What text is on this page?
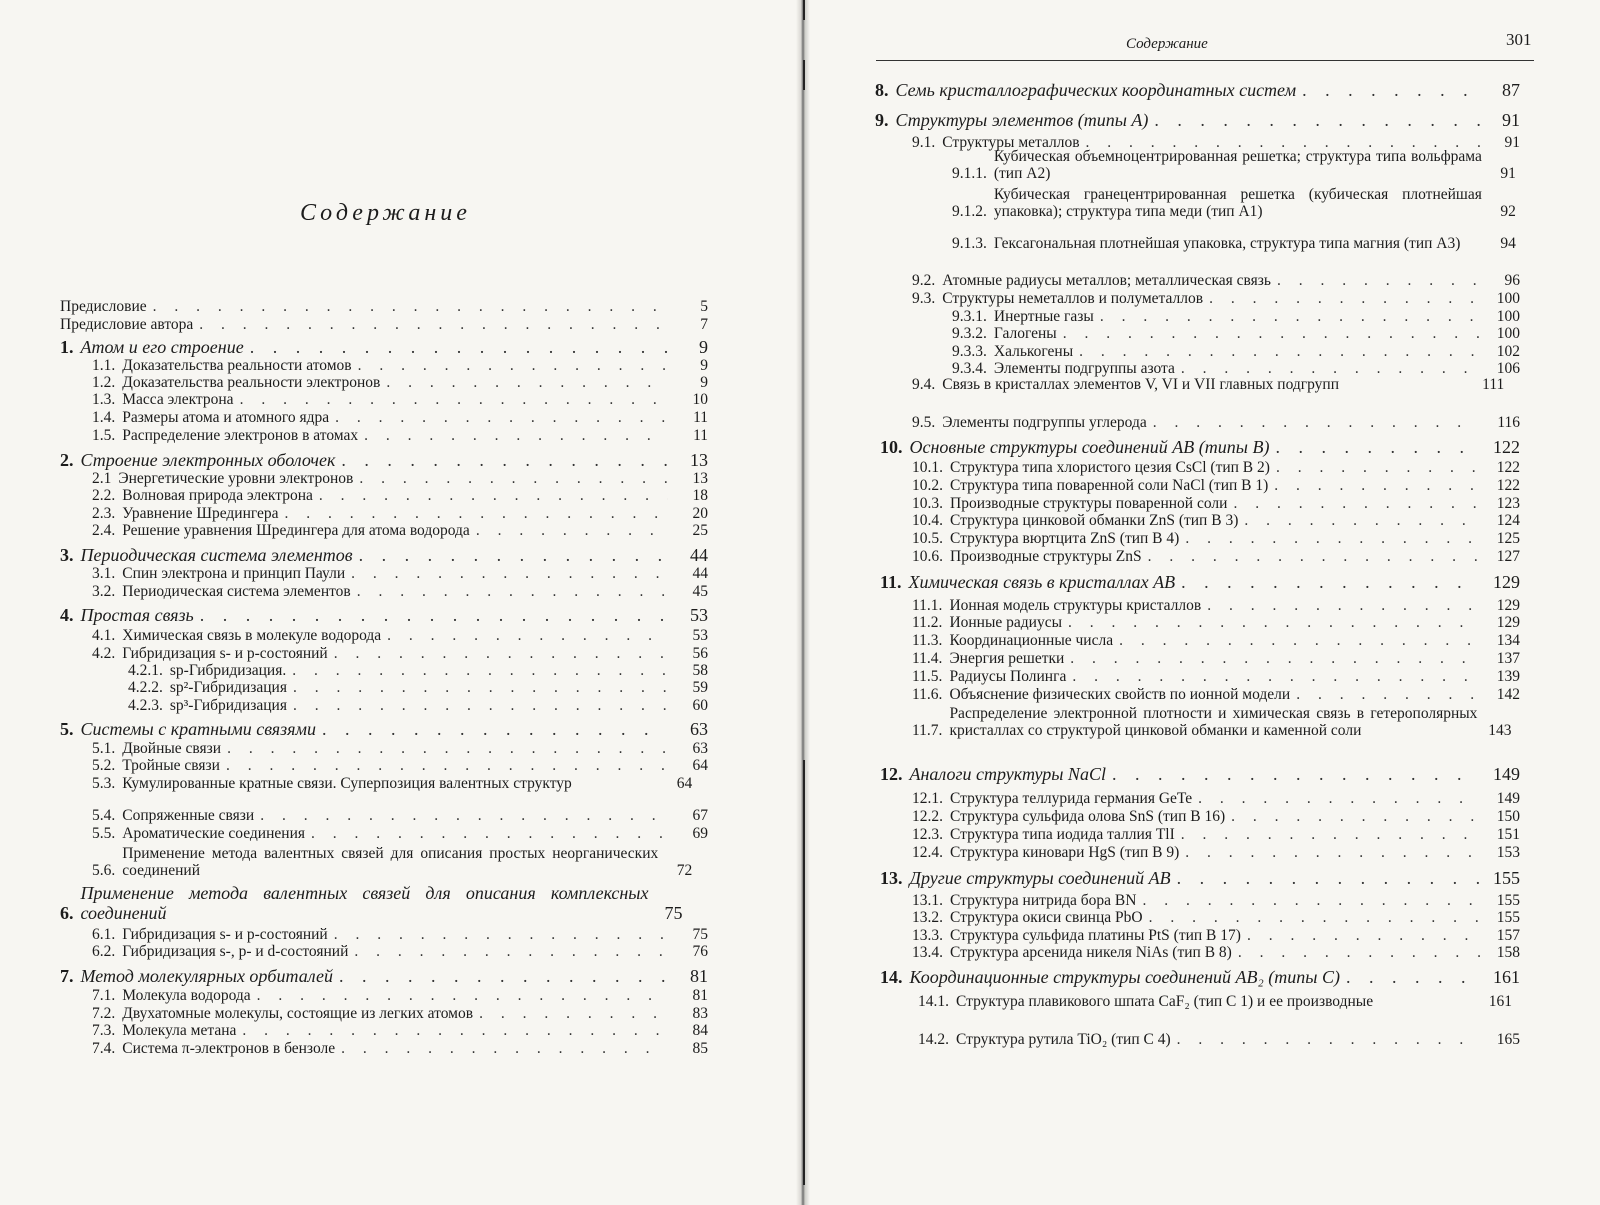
Содержание
Содержание	301
Предисловие . . .	5
Предисловие автора . . .	7
1. Атом и его строение . . .	9
1.1. Доказательства реальности атомов . . .	9
1.2. Доказательства реальности электронов . . .	9
1.3. Масса электрона . . .	10
1.4. Размеры атома и атомного ядра . . .	11
1.5. Распределение электронов в атомах . . .	11
2. Строение электронных оболочек . . .	13
2.1 Энергетические уровни электронов . . .	13
2.2. Волновая природа электрона . . .	18
2.3. Уравнение Шредингера . . .	20
2.4. Решение уравнения Шредингера для атома водорода . . .	25
3. Периодическая система элементов . . .	44
3.1. Спин электрона и принцип Паули . . .	44
3.2. Периодическая система элементов . . .	45
4. Простая связь . . .	53
4.1. Химическая связь в молекуле водорода . . .	53
4.2. Гибридизация s- и p-состояний . . .	56
4.2.1. sp-Гибридизация. . . .	58
4.2.2. sp²-Гибридизация . . .	59
4.2.3. sp³-Гибридизация . . .	60
5. Системы с кратными связями . . .	63
5.1. Двойные связи . . .	63
5.2. Тройные связи . . .	64
5.3. Кумулированные кратные связи. Суперпозиция валентных структур	64
5.4. Сопряженные связи . . .	67
5.5. Ароматические соединения . . .	69
5.6.
Применение метода валентных связей для описания простых неорганических соединений	72
6.
Применение метода валентных связей для описания комплексных соединений	75
6.1. Гибридизация s- и p-состояний . . .	75
6.2. Гибридизация s-, p- и d-состояний . . .	76
7. Метод молекулярных орбиталей . . .	81
7.1. Молекула водорода . . .	81
7.2. Двухатомные молекулы, состоящие из легких атомов . . .	83
7.3. Молекула метана . . .	84
7.4. Система π-электронов в бензоле . . .	85
8. Семь кристаллографических координатных систем . . .	87
9. Структуры элементов (типы А) . . .	91
9.1. Структуры металлов . . .	91
9.1.1.
Кубическая объемноцентрированная решетка; структура типа вольфрама (тип А2)	91
9.1.2.
Кубическая гранецентрированная решетка (кубическая плотнейшая упаковка); структура типа меди (тип А1)	92
9.1.3. Гексагональная плотнейшая упаковка, структура типа магния (тип А3)	94
9.2. Атомные радиусы металлов; металлическая связь . . .	96
9.3. Структуры неметаллов и полуметаллов . . .	100
9.3.1. Инертные газы . . .	100
9.3.2. Галогены . . .	100
9.3.3. Халькогены . . .	102
9.3.4. Элементы подгруппы азота . . .	106
9.4. Связь в кристаллах элементов V, VI и VII главных подгрупп	111
9.5. Элементы подгруппы углерода . . .	116
10. Основные структуры соединений AB (типы B) . . .	122
10.1. Структура типа хлористого цезия CsCl (тип B 2) . . .	122
10.2. Структура типа поваренной соли NaCl (тип B 1) . . .	122
10.3. Производные структуры поваренной соли . . .	123
10.4. Структура цинковой обманки ZnS (тип B 3) . . .	124
10.5. Структура вюртцита ZnS (тип B 4) . . .	125
10.6. Производные структуры ZnS . . .	127
11. Химическая связь в кристаллах AB . . .	129
11.1. Ионная модель структуры кристаллов . . .	129
11.2. Ионные радиусы . . .	129
11.3. Координационные числа . . .	134
11.4. Энергия решетки . . .	137
11.5. Радиусы Полинга . . .	139
11.6. Объяснение физических свойств по ионной модели . . .	142
11.7.
Распределение электронной плотности и химическая связь в гетерополярных кристаллах со структурой цинковой обманки и каменной соли	143
12. Аналоги структуры NaCl . . .	149
12.1. Структура теллурида германия GeTe . . .	149
12.2. Структура сульфида олова SnS (тип B 16) . . .	150
12.3. Структура типа иодида таллия TlI . . .	151
12.4. Структура киновари HgS (тип B 9) . . .	153
13. Другие структуры соединений AB . . .	155
13.1. Структура нитрида бора BN . . .	155
13.2. Структура окиси свинца PbO . . .	155
13.3. Структура сульфида платины PtS (тип B 17) . . .	157
13.4. Структура арсенида никеля NiAs (тип B 8) . . .	158
14. Координационные структуры соединений AB₂ (типы C) . . .	161
14.1. Структура плавикового шпата CaF₂ (тип C 1) и ее производные	161
14.2. Структура рутила TiO₂ (тип C 4) . . .	165
